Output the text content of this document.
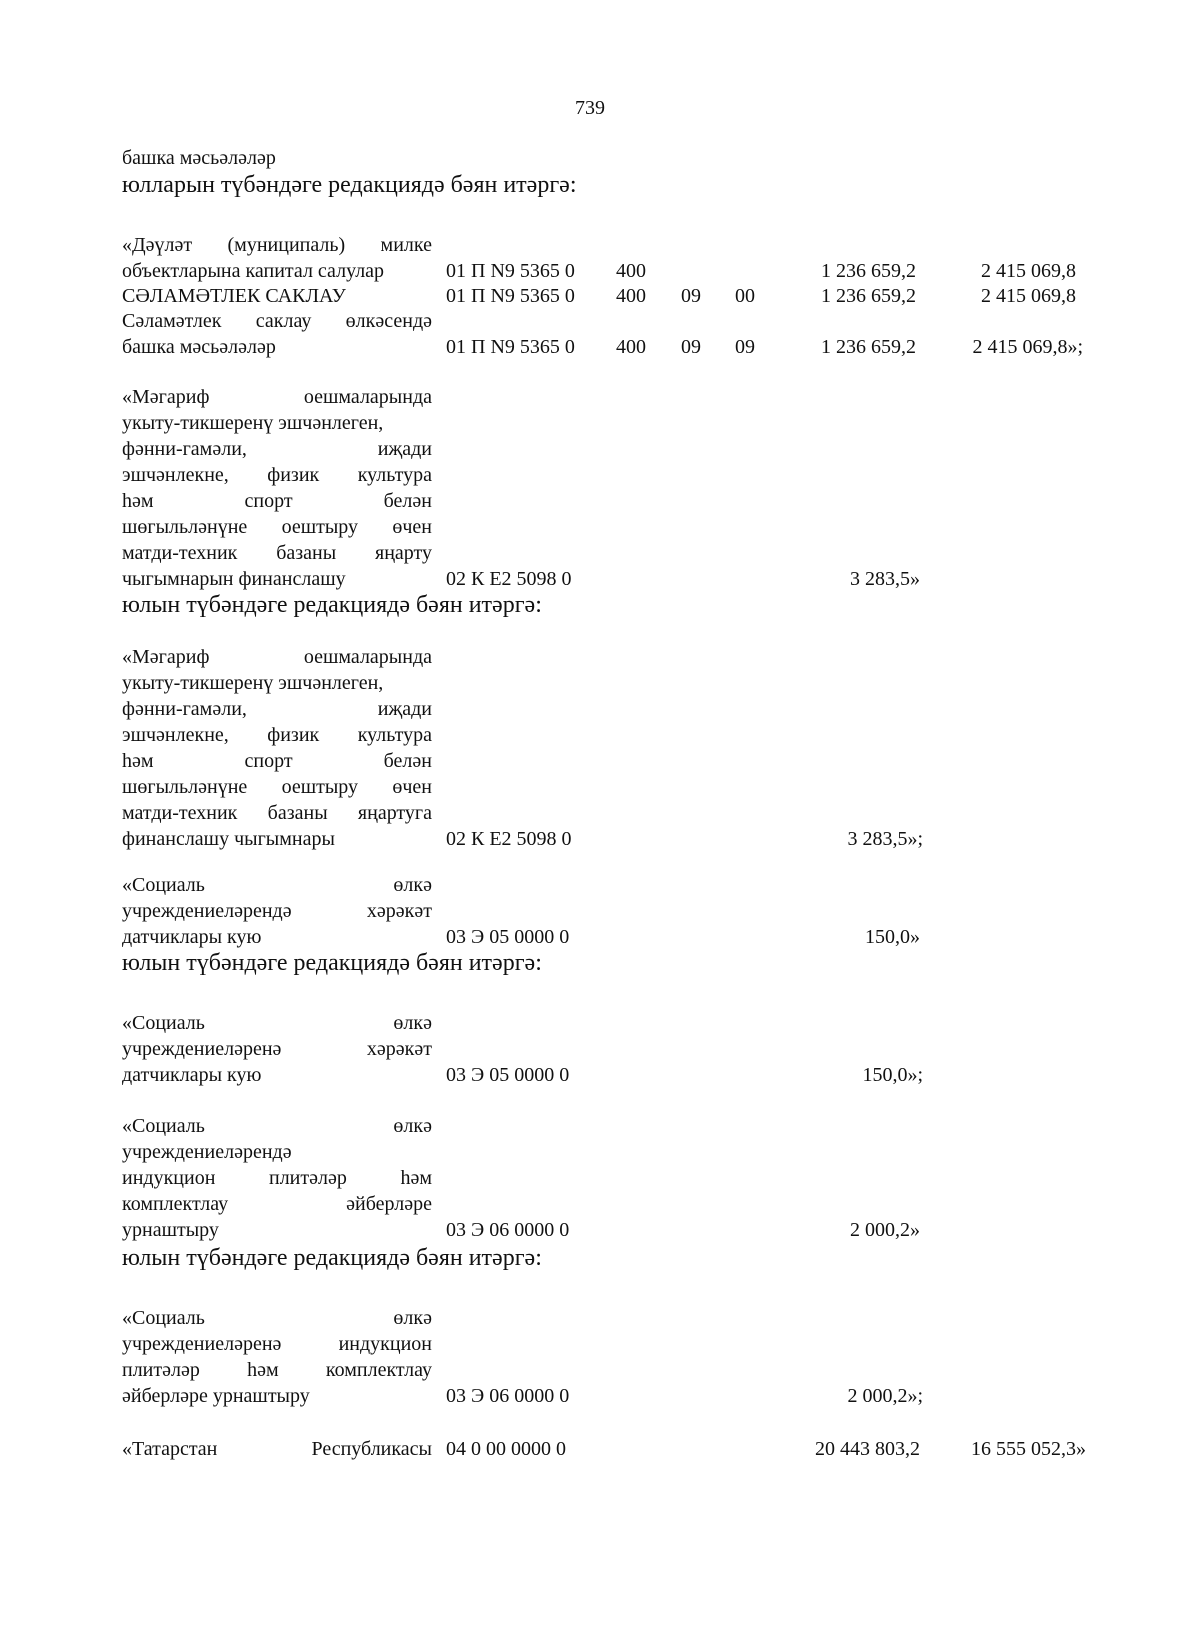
739
башка мәсьәләләр
юлларын түбәндәге редакциядә бәян итәргә:
«Дәүләт (муниципаль) милке
объектларына капитал салулар	01 П N9 5365 0 400	1 236 659,2	2 415 069,8
СӘЛАМӘТЛЕК САКЛАУ	01 П N9 5365 0 400 09 00	1 236 659,2	2 415 069,8
Сәламәтлек саклау өлкәсендә
башка мәсьәләләр	01 П N9 5365 0 400 09 09	1 236 659,2	2 415 069,8»;
«Мәгариф оешмаларында
укыту-тикшеренү эшчәнлеген,
фәнни-гамәли, иҗади
эшчәнлекне, физик культура
һәм спорт белән
шөгыльләнүне оештыру өчен
матди-техник базаны яңарту
чыгымнарын финанслашу	02 К Е2 5098 0	3 283,5»
юлын түбәндәге редакциядә бәян итәргә:
«Мәгариф оешмаларында
укыту-тикшеренү эшчәнлеген,
фәнни-гамәли, иҗади
эшчәнлекне, физик культура
һәм спорт белән
шөгыльләнүне оештыру өчен
матди-техник базаны яңартуга
финанслашу чыгымнары	02 К Е2 5098 0	3 283,5»;
«Социаль өлкә
учреждениеләрендә хәрәкәт
датчиклары кую	03 Э 05 0000 0	150,0»
юлын түбәндәге редакциядә бәян итәргә:
«Социаль өлкә
учреждениеләренә хәрәкәт
датчиклары кую	03 Э 05 0000 0	150,0»;
«Социаль өлкә
учреждениеләрендә
индукцион плитәләр һәм
комплектлау әйберләре
урнаштыру	03 Э 06 0000 0	2 000,2»
юлын түбәндәге редакциядә бәян итәргә:
«Социаль өлкә
учреждениеләренә индукцион
плитәләр һәм комплектлау
әйберләре урнаштыру	03 Э 06 0000 0	2 000,2»;
«Татарстан Республикасы 04 0 00 0000 0	20 443 803,2	16 555 052,3»
